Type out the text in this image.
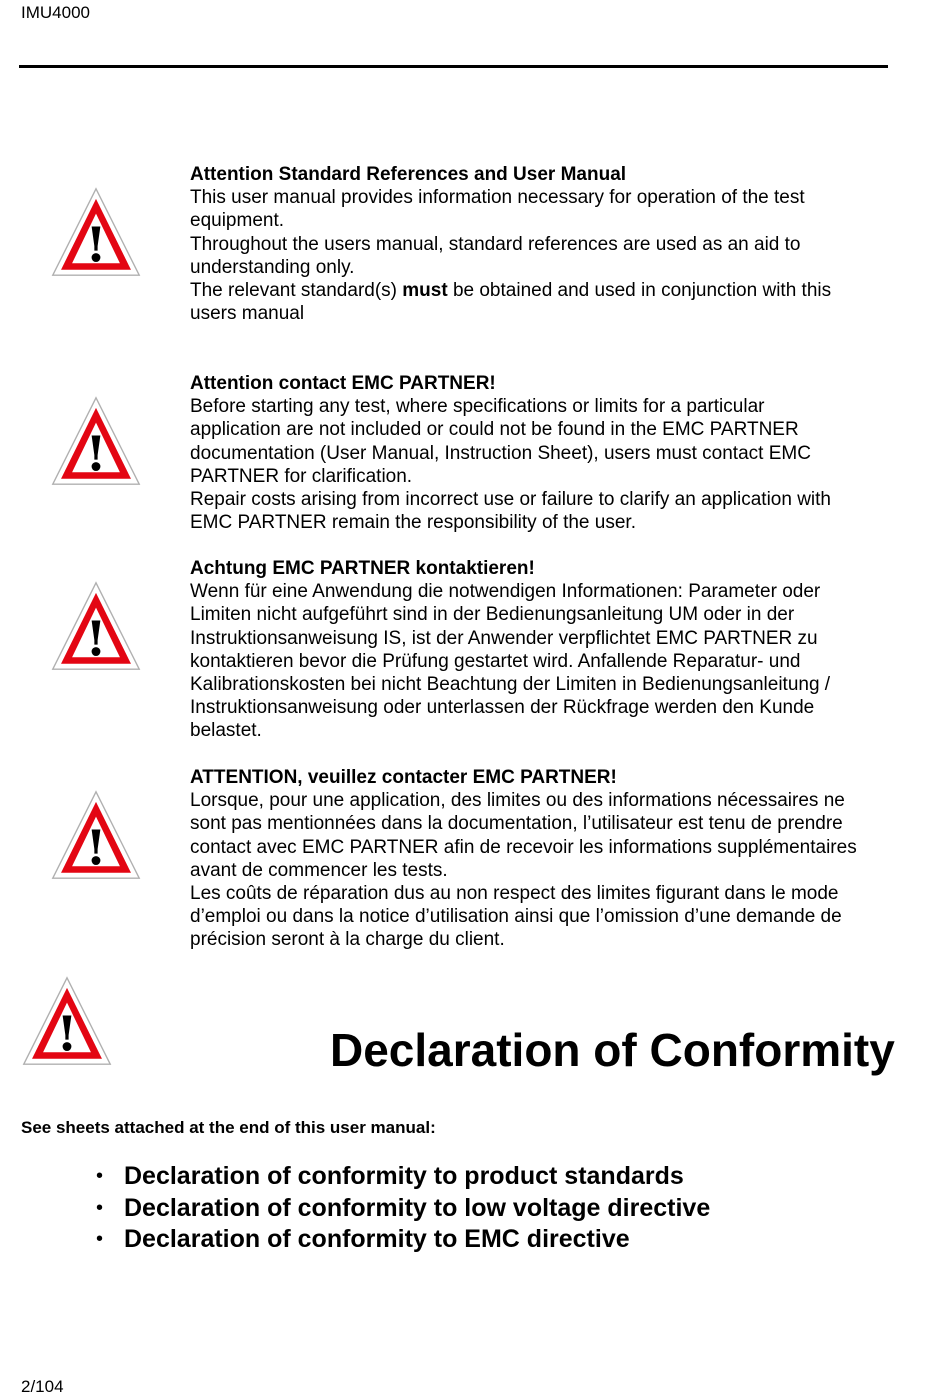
IMU4000
!
!
!
!
!

Attention Standard References and User Manual

This user manual provides information necessary for operation of the test equipment.

Throughout the users manual, standard references are used as an aid to understanding only.

The relevant standard(s) must be obtained and used in conjunction with this users manual

Attention contact EMC PARTNER!

Before starting any test, where specifications or limits for a particular application are not included or could not be found in the EMC PARTNER documentation (User Manual, Instruction Sheet), users must contact EMC PARTNER for clarification.

Repair costs arising from incorrect use or failure to clarify an application with EMC PARTNER remain the responsibility of the user.

Achtung EMC PARTNER kontaktieren!

Wenn für eine Anwendung die notwendigen Informationen: Parameter oder Limiten nicht aufgeführt sind in der Bedienungsanleitung UM oder in der Instruktionsanweisung IS, ist der Anwender verpflichtet EMC PARTNER zu kontaktieren bevor die Prüfung gestartet wird. Anfallende Reparatur- und Kalibrationskosten bei nicht Beachtung der Limiten in Bedienungsanleitung / Instruktionsanweisung oder unterlassen der Rückfrage werden den Kunde belastet.

ATTENTION, veuillez contacter EMC PARTNER!

Lorsque, pour une application, des limites ou des informations nécessaires ne sont pas mentionnées dans la documentation, l’utilisateur est tenu de prendre contact avec EMC PARTNER afin de recevoir les informations supplémentaires avant de commencer les tests.

Les coûts de réparation dus au non respect des limites figurant dans le mode d’emploi ou dans la notice d’utilisation ainsi que l’omission d’une demande de précision seront à la charge du client.

Declaration of Conformity
See sheets attached at the end of this user manual:
• Declaration of conformity to product standards
• Declaration of conformity to low voltage directive
• Declaration of conformity to EMC directive
2/104
